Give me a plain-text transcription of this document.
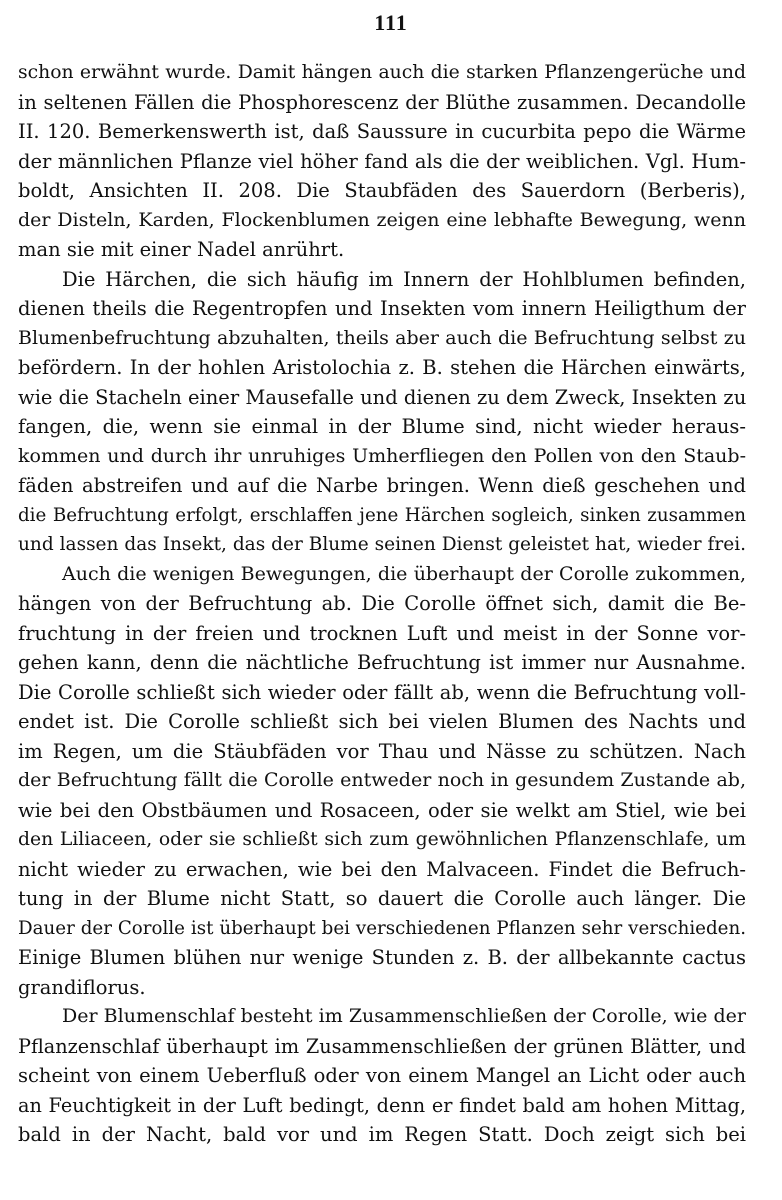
111
schon erwähnt wurde. Damit hängen auch die starken Pflanzengerüche und
in seltenen Fällen die Phosphorescenz der Blüthe zusammen. Decandolle
II. 120. Bemerkenswerth ist, daß Saussure in cucurbita pepo die Wärme
der männlichen Pflanze viel höher fand als die der weiblichen. Vgl. Hum-
boldt, Ansichten II. 208. Die Staubfäden des Sauerdorn (Berberis),
der Disteln, Karden, Flockenblumen zeigen eine lebhafte Bewegung, wenn
man sie mit einer Nadel anrührt.
Die Härchen, die sich häufig im Innern der Hohlblumen befinden,
dienen theils die Regentropfen und Insekten vom innern Heiligthum der
Blumenbefruchtung abzuhalten, theils aber auch die Befruchtung selbst zu
befördern. In der hohlen Aristolochia z. B. stehen die Härchen einwärts,
wie die Stacheln einer Mausefalle und dienen zu dem Zweck, Insekten zu
fangen, die, wenn sie einmal in der Blume sind, nicht wieder heraus-
kommen und durch ihr unruhiges Umherfliegen den Pollen von den Staub-
fäden abstreifen und auf die Narbe bringen. Wenn dieß geschehen und
die Befruchtung erfolgt, erschlaffen jene Härchen sogleich, sinken zusammen
und lassen das Insekt, das der Blume seinen Dienst geleistet hat, wieder frei.
Auch die wenigen Bewegungen, die überhaupt der Corolle zukommen,
hängen von der Befruchtung ab. Die Corolle öffnet sich, damit die Be-
fruchtung in der freien und trocknen Luft und meist in der Sonne vor-
gehen kann, denn die nächtliche Befruchtung ist immer nur Ausnahme.
Die Corolle schließt sich wieder oder fällt ab, wenn die Befruchtung voll-
endet ist. Die Corolle schließt sich bei vielen Blumen des Nachts und
im Regen, um die Stäubfäden vor Thau und Nässe zu schützen. Nach
der Befruchtung fällt die Corolle entweder noch in gesundem Zustande ab,
wie bei den Obstbäumen und Rosaceen, oder sie welkt am Stiel, wie bei
den Liliaceen, oder sie schließt sich zum gewöhnlichen Pflanzenschlafe, um
nicht wieder zu erwachen, wie bei den Malvaceen. Findet die Befruch-
tung in der Blume nicht Statt, so dauert die Corolle auch länger. Die
Dauer der Corolle ist überhaupt bei verschiedenen Pflanzen sehr verschieden.
Einige Blumen blühen nur wenige Stunden z. B. der allbekannte cactus
grandiflorus.
Der Blumenschlaf besteht im Zusammenschließen der Corolle, wie der
Pflanzenschlaf überhaupt im Zusammenschließen der grünen Blätter, und
scheint von einem Ueberfluß oder von einem Mangel an Licht oder auch
an Feuchtigkeit in der Luft bedingt, denn er findet bald am hohen Mittag,
bald in der Nacht, bald vor und im Regen Statt. Doch zeigt sich bei
